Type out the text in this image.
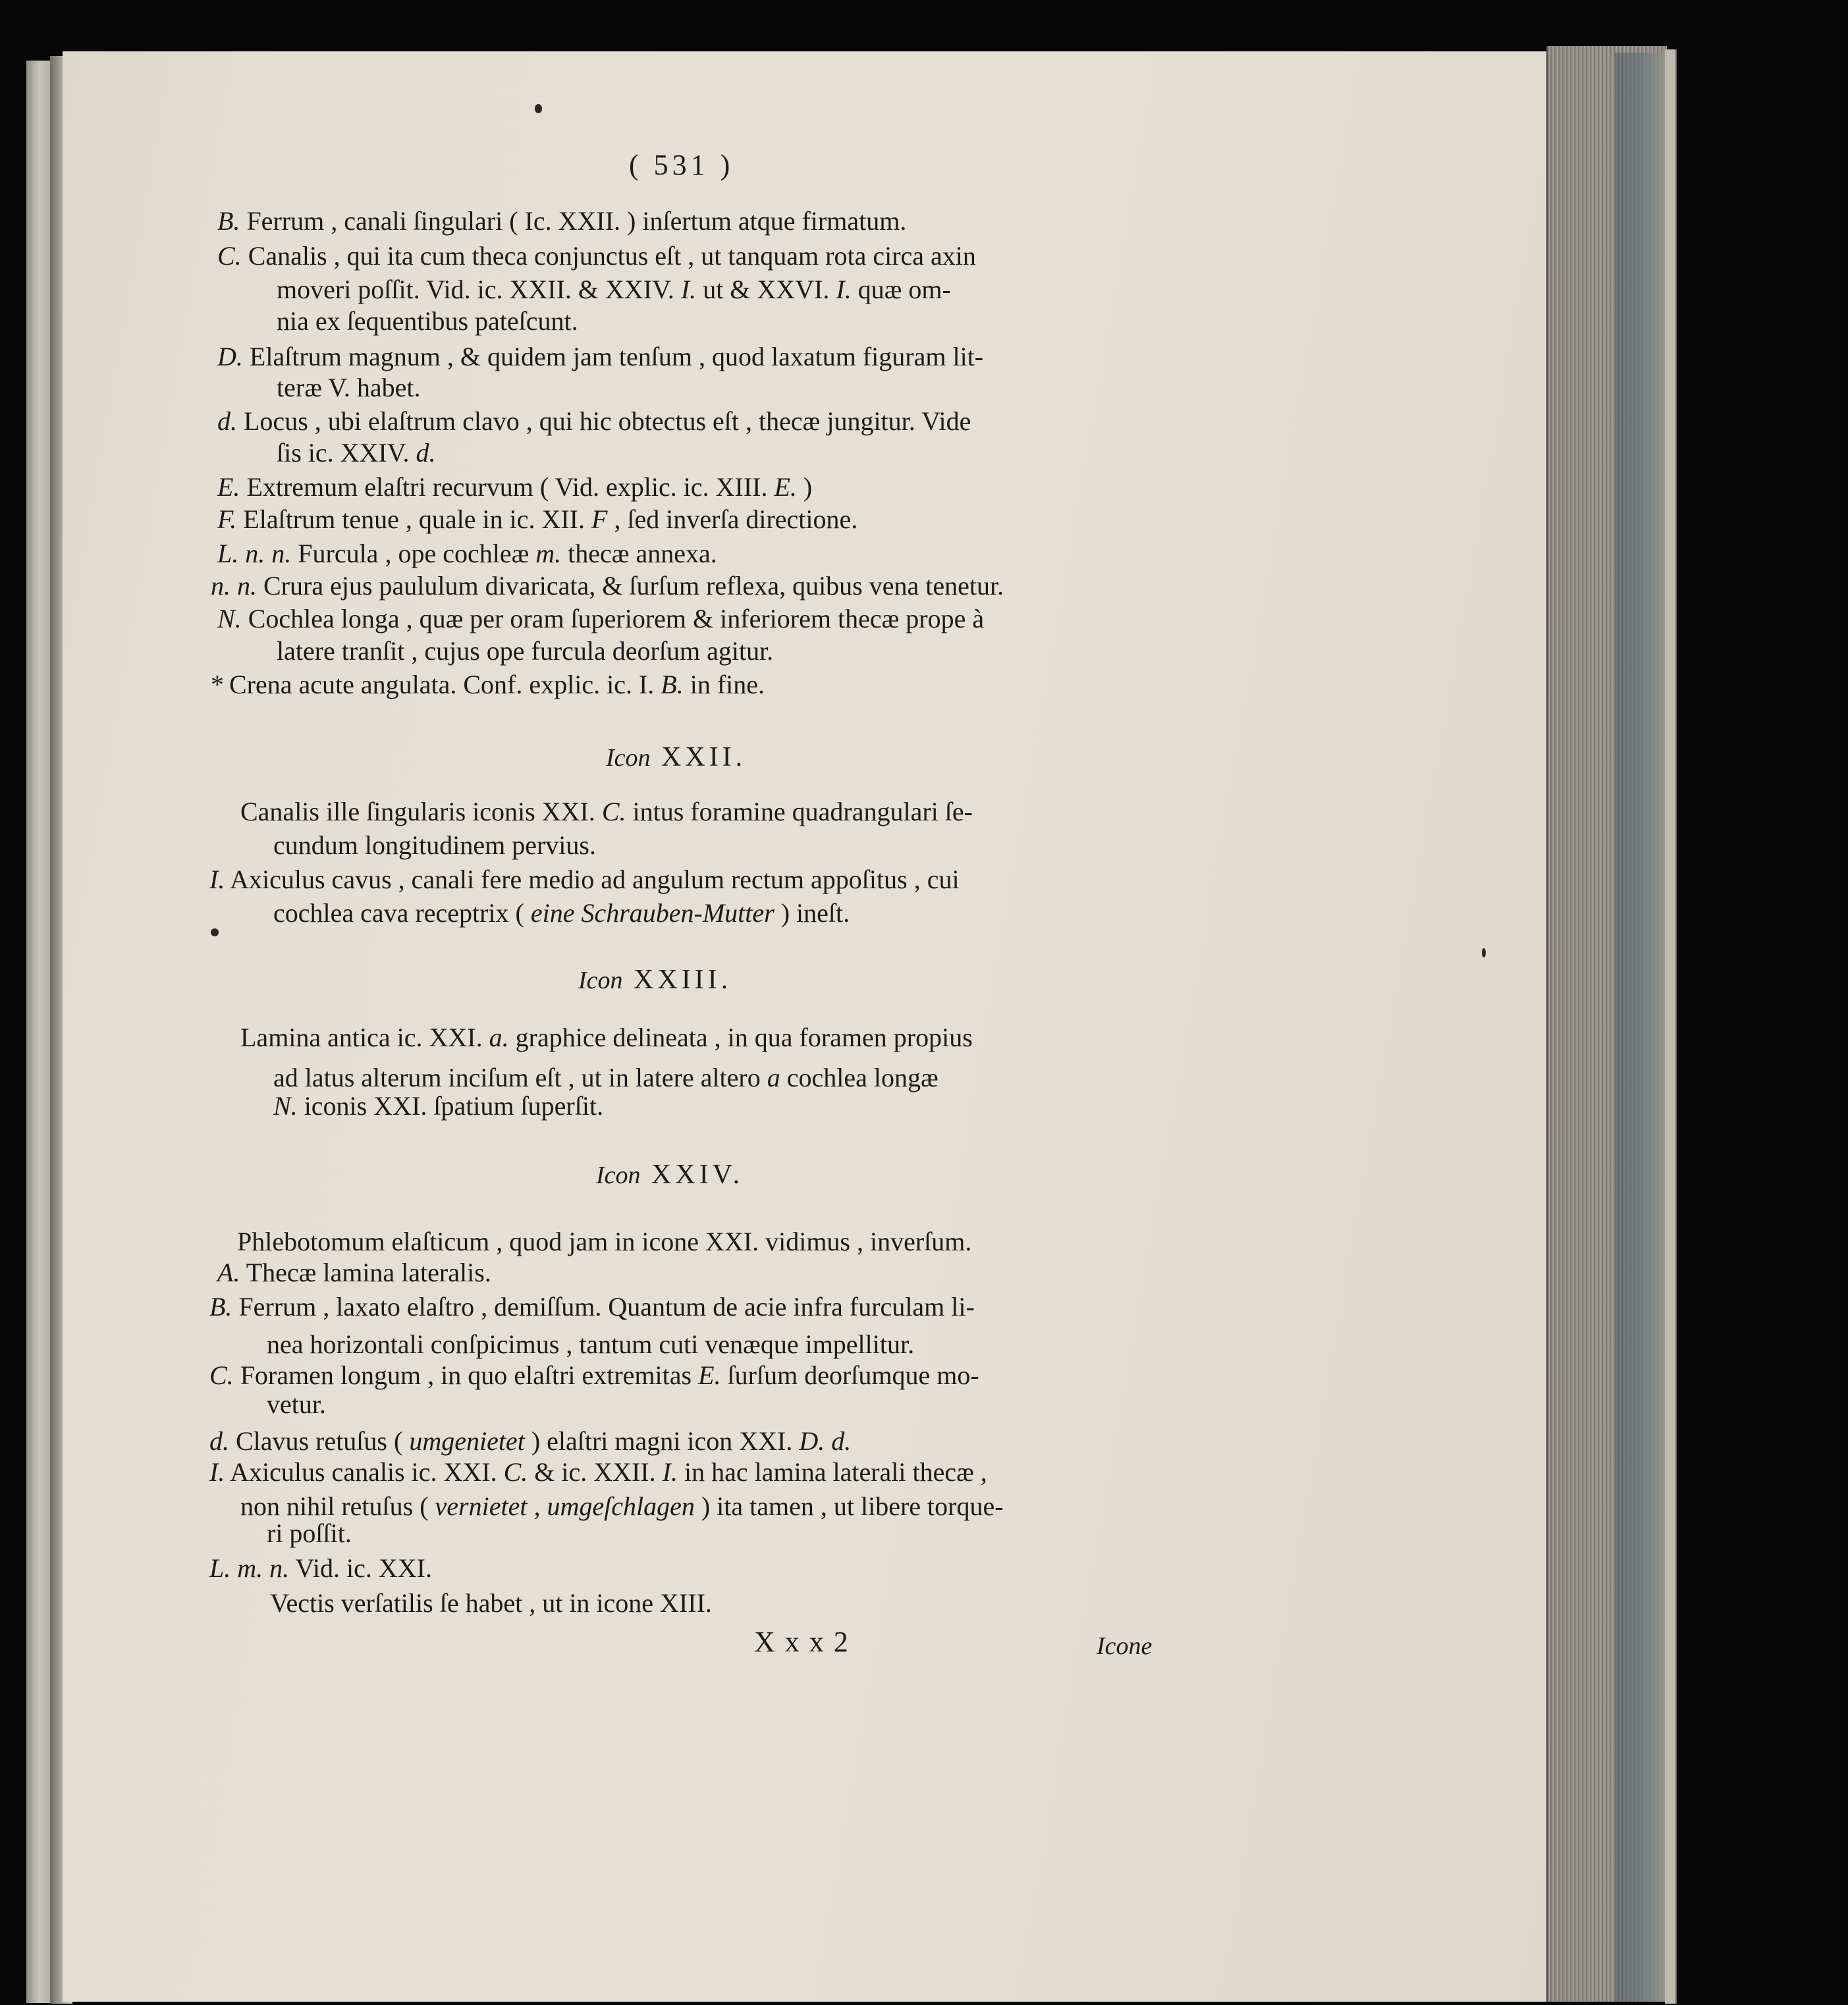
( 531 )
B. Ferrum , canali ſingulari ( Ic. XXII. ) inſertum atque firmatum.
C. Canalis , qui ita cum theca conjunctus eſt , ut tanquam rota circa axin
moveri poſſit. Vid. ic. XXII. & XXIV. I. ut & XXVI. I. quæ om-
nia ex ſequentibus pateſcunt.
D. Elaſtrum magnum , & quidem jam tenſum , quod laxatum figuram lit-
teræ V. habet.
d. Locus , ubi elaſtrum clavo , qui hic obtectus eſt , thecæ jungitur. Vide
ſis ic. XXIV. d.
E. Extremum elaſtri recurvum ( Vid. explic. ic. XIII. E. )
F. Elaſtrum tenue , quale in ic. XII. F , ſed inverſa directione.
L. n. n. Furcula , ope cochleæ m. thecæ annexa.
n. n. Crura ejus paululum divaricata, & ſurſum reflexa, quibus vena tenetur.
N. Cochlea longa , quæ per oram ſuperiorem & inferiorem thecæ prope à
latere tranſit , cujus ope furcula deorſum agitur.
* Crena acute angulata. Conf. explic. ic. I. B. in fine.
Icon XXII.
Canalis ille ſingularis iconis XXI. C. intus foramine quadrangulari ſe-
cundum longitudinem pervius.
I. Axiculus cavus , canali fere medio ad angulum rectum appoſitus , cui
cochlea cava receptrix ( eine Schrauben-Mutter ) ineſt.
Icon XXIII.
Lamina antica ic. XXI. a. graphice delineata , in qua foramen propius
ad latus alterum inciſum eſt , ut in latere altero a cochlea longæ
N. iconis XXI. ſpatium ſuperſit.
Icon XXIV.
Phlebotomum elaſticum , quod jam in icone XXI. vidimus , inverſum.
A. Thecæ lamina lateralis.
B. Ferrum , laxato elaſtro , demiſſum. Quantum de acie infra furculam li-
nea horizontali conſpicimus , tantum cuti venæque impellitur.
C. Foramen longum , in quo elaſtri extremitas E. ſurſum deorſumque mo-
vetur.
d. Clavus retuſus ( umgenietet ) elaſtri magni icon XXI. D. d.
I. Axiculus canalis ic. XXI. C. & ic. XXII. I. in hac lamina laterali thecæ ,
non nihil retuſus ( vernietet , umgeſchlagen ) ita tamen , ut libere torque-
ri poſſit.
L. m. n. Vid. ic. XXI.
Vectis verſatilis ſe habet , ut in icone XIII.
X x x 2	Icone
